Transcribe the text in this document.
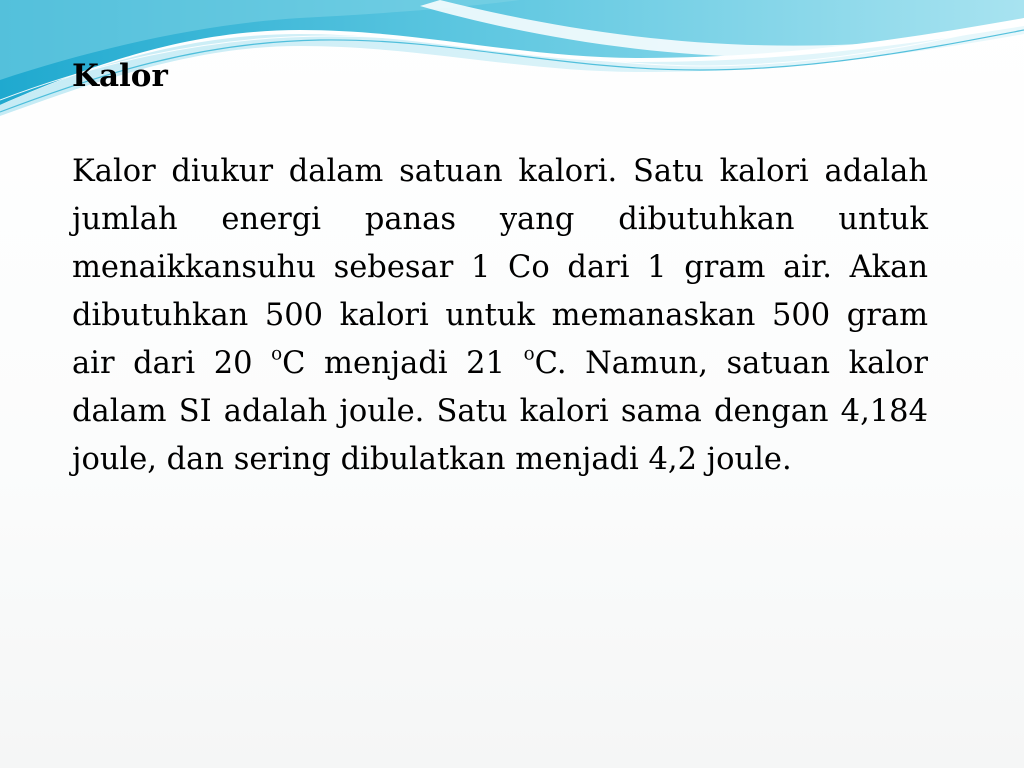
Kalor

Kalor diukur dalam satuan kalori. Satu kalori adalah jumlah energi panas yang dibutuhkan untuk menaikkansuhu sebesar 1 Co dari 1 gram air. Akan dibutuhkan 500 kalori untuk memanaskan 500 gram air dari 20 $^o$C menjadi 21 $^o$C. Namun, satuan kalor dalam SI adalah joule. Satu kalori sama dengan 4,184 joule, dan sering dibulatkan menjadi 4,2 joule.
